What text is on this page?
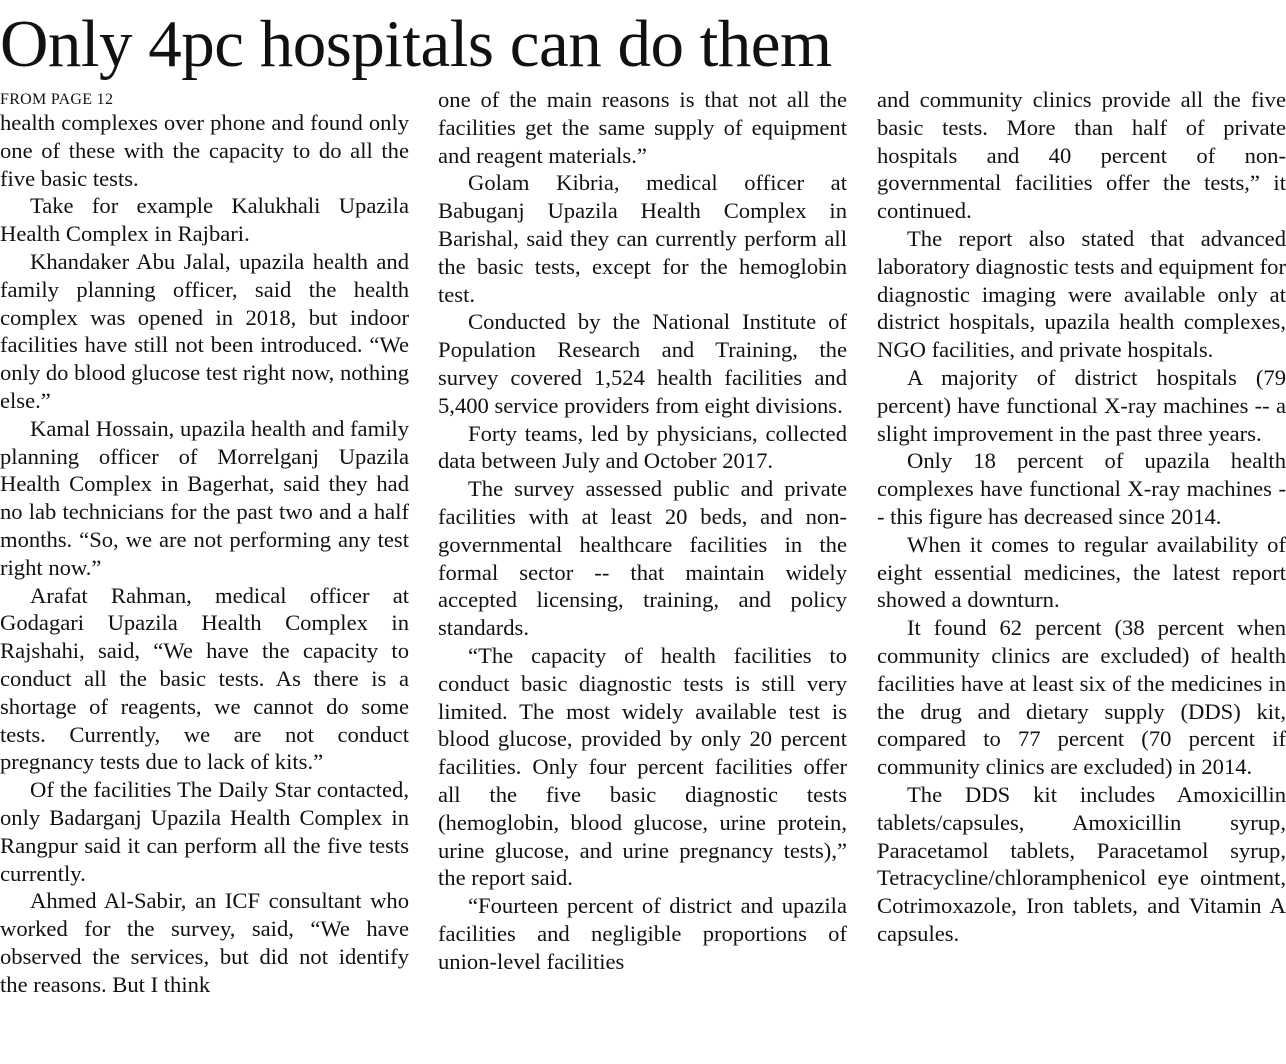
Only 4pc hospitals can do them
FROM PAGE 12

health complexes over phone and found only one of these with the capacity to do all the five basic tests.

Take for example Kalukhali Upazila Health Complex in Rajbari.

Khandaker Abu Jalal, upazila health and family planning officer, said the health complex was opened in 2018, but indoor facilities have still not been introduced. “We only do blood glucose test right now, nothing else.”

Kamal Hossain, upazila health and family planning officer of Morrelganj Upazila Health Complex in Bagerhat, said they had no lab technicians for the past two and a half months. “So, we are not performing any test right now.”

Arafat Rahman, medical officer at Godagari Upazila Health Complex in Rajshahi, said, “We have the capacity to conduct all the basic tests. As there is a shortage of reagents, we cannot do some tests. Currently, we are not conduct pregnancy tests due to lack of kits.”

Of the facilities The Daily Star contacted, only Badarganj Upazila Health Complex in Rangpur said it can perform all the five tests currently.

Ahmed Al-Sabir, an ICF consultant who worked for the survey, said, “We have observed the services, but did not identify the reasons. But I think

one of the main reasons is that not all the facilities get the same supply of equipment and reagent materials.”

Golam Kibria, medical officer at Babuganj Upazila Health Complex in Barishal, said they can currently perform all the basic tests, except for the hemoglobin test.

Conducted by the National Institute of Population Research and Training, the survey covered 1,524 health facilities and 5,400 service providers from eight divisions.

Forty teams, led by physicians, collected data between July and October 2017.

The survey assessed public and private facilities with at least 20 beds, and non-governmental healthcare facilities in the formal sector -- that maintain widely accepted licensing, training, and policy standards.

“The capacity of health facilities to conduct basic diagnostic tests is still very limited. The most widely available test is blood glucose, provided by only 20 percent facilities. Only four percent facilities offer all the five basic diagnostic tests (hemoglobin, blood glucose, urine protein, urine glucose, and urine pregnancy tests),” the report said.

“Fourteen percent of district and upazila facilities and negligible proportions of union-level facilities

and community clinics provide all the five basic tests. More than half of private hospitals and 40 percent of non-governmental facilities offer the tests,” it continued.

The report also stated that advanced laboratory diagnostic tests and equipment for diagnostic imaging were available only at district hospitals, upazila health complexes, NGO facilities, and private hospitals.

A majority of district hospitals (79 percent) have functional X-ray machines -- a slight improvement in the past three years.

Only 18 percent of upazila health complexes have functional X-ray machines -- this figure has decreased since 2014.

When it comes to regular availability of eight essential medicines, the latest report showed a downturn.

It found 62 percent (38 percent when community clinics are excluded) of health facilities have at least six of the medicines in the drug and dietary supply (DDS) kit, compared to 77 percent (70 percent if community clinics are excluded) in 2014.

The DDS kit includes Amoxicillin tablets/capsules, Amoxicillin syrup, Paracetamol tablets, Paracetamol syrup, Tetracycline/chloramphenicol eye ointment, Cotrimoxazole, Iron tablets, and Vitamin A capsules.
